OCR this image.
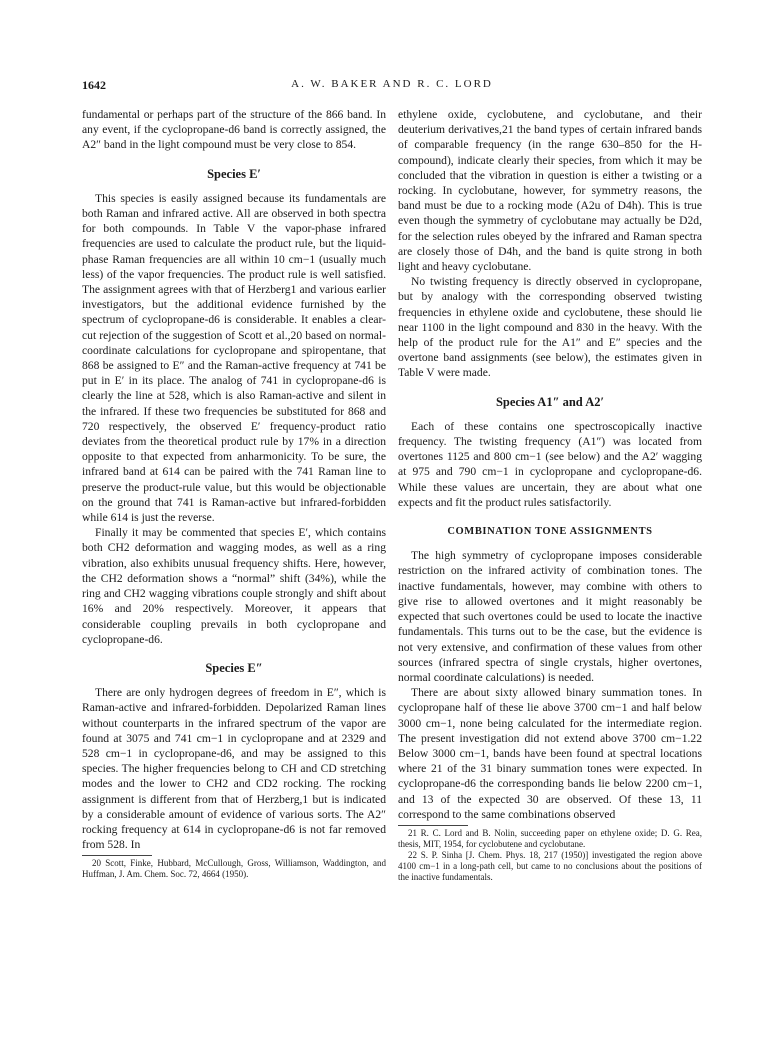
1642	A. W. BAKER AND R. C. LORD

fundamental or perhaps part of the structure of the 866 band. In any event, if the cyclopropane-d6 band is correctly assigned, the A2″ band in the light compound must be very close to 854.

Species E′

This species is easily assigned because its fundamentals are both Raman and infrared active. All are observed in both spectra for both compounds. In Table V the vapor-phase infrared frequencies are used to calculate the product rule, but the liquid-phase Raman frequencies are all within 10 cm−1 (usually much less) of the vapor frequencies. The product rule is well satisfied. The assignment agrees with that of Herzberg1 and various earlier investigators, but the additional evidence furnished by the spectrum of cyclopropane-d6 is considerable. It enables a clear-cut rejection of the suggestion of Scott et al.,20 based on normal-coordinate calculations for cyclopropane and spiropentane, that 868 be assigned to E″ and the Raman-active frequency at 741 be put in E′ in its place. The analog of 741 in cyclopropane-d6 is clearly the line at 528, which is also Raman-active and silent in the infrared. If these two frequencies be substituted for 868 and 720 respectively, the observed E′ frequency-product ratio deviates from the theoretical product rule by 17% in a direction opposite to that expected from anharmonicity. To be sure, the infrared band at 614 can be paired with the 741 Raman line to preserve the product-rule value, but this would be objectionable on the ground that 741 is Raman-active but infrared-forbidden while 614 is just the reverse.

Finally it may be commented that species E′, which contains both CH2 deformation and wagging modes, as well as a ring vibration, also exhibits unusual frequency shifts. Here, however, the CH2 deformation shows a “normal” shift (34%), while the ring and CH2 wagging vibrations couple strongly and shift about 16% and 20% respectively. Moreover, it appears that considerable coupling prevails in both cyclopropane and cyclopropane-d6.

Species E″

There are only hydrogen degrees of freedom in E″, which is Raman-active and infrared-forbidden. Depolarized Raman lines without counterparts in the infrared spectrum of the vapor are found at 3075 and 741 cm−1 in cyclopropane and at 2329 and 528 cm−1 in cyclopropane-d6, and may be assigned to this species. The higher frequencies belong to CH and CD stretching modes and the lower to CH2 and CD2 rocking. The rocking assignment is different from that of Herzberg,1 but is indicated by a considerable amount of evidence of various sorts. The A2″ rocking frequency at 614 in cyclopropane-d6 is not far removed from 528. In

20 Scott, Finke, Hubbard, McCullough, Gross, Williamson, Waddington, and Huffman, J. Am. Chem. Soc. 72, 4664 (1950).

ethylene oxide, cyclobutene, and cyclobutane, and their deuterium derivatives,21 the band types of certain infrared bands of comparable frequency (in the range 630–850 for the H-compound), indicate clearly their species, from which it may be concluded that the vibration in question is either a twisting or a rocking. In cyclobutane, however, for symmetry reasons, the band must be due to a rocking mode (A2u of D4h). This is true even though the symmetry of cyclobutane may actually be D2d, for the selection rules obeyed by the infrared and Raman spectra are closely those of D4h, and the band is quite strong in both light and heavy cyclobutane.

No twisting frequency is directly observed in cyclopropane, but by analogy with the corresponding observed twisting frequencies in ethylene oxide and cyclobutene, these should lie near 1100 in the light compound and 830 in the heavy. With the help of the product rule for the A1″ and E″ species and the overtone band assignments (see below), the estimates given in Table V were made.

Species A1″ and A2′

Each of these contains one spectroscopically inactive frequency. The twisting frequency (A1″) was located from overtones 1125 and 800 cm−1 (see below) and the A2′ wagging at 975 and 790 cm−1 in cyclopropane and cyclopropane-d6. While these values are uncertain, they are about what one expects and fit the product rules satisfactorily.

COMBINATION TONE ASSIGNMENTS

The high symmetry of cyclopropane imposes considerable restriction on the infrared activity of combination tones. The inactive fundamentals, however, may combine with others to give rise to allowed overtones and it might reasonably be expected that such overtones could be used to locate the inactive fundamentals. This turns out to be the case, but the evidence is not very extensive, and confirmation of these values from other sources (infrared spectra of single crystals, higher overtones, normal coordinate calculations) is needed.

There are about sixty allowed binary summation tones. In cyclopropane half of these lie above 3700 cm−1 and half below 3000 cm−1, none being calculated for the intermediate region. The present investigation did not extend above 3700 cm−1.22 Below 3000 cm−1, bands have been found at spectral locations where 21 of the 31 binary summation tones were expected. In cyclopropane-d6 the corresponding bands lie below 2200 cm−1, and 13 of the expected 30 are observed. Of these 13, 11 correspond to the same combinations observed

21 R. C. Lord and B. Nolin, succeeding paper on ethylene oxide; D. G. Rea, thesis, MIT, 1954, for cyclobutene and cyclobutane.

22 S. P. Sinha [J. Chem. Phys. 18, 217 (1950)] investigated the region above 4100 cm−1 in a long-path cell, but came to no conclusions about the positions of the inactive fundamentals.
